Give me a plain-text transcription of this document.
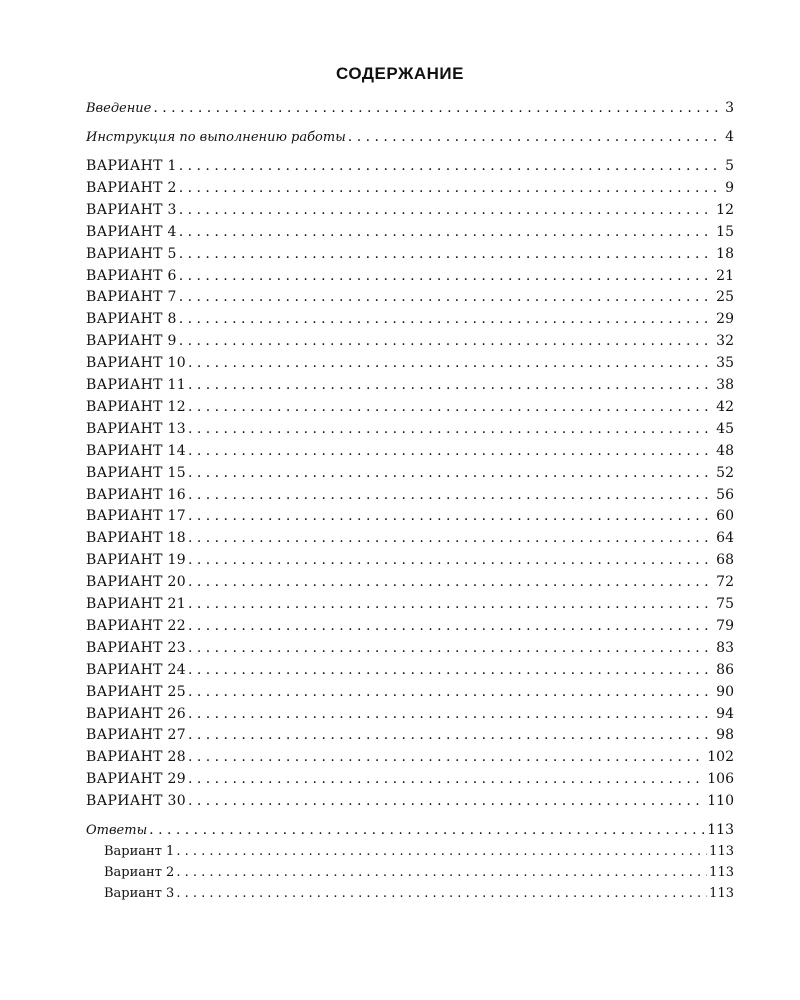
СОДЕРЖАНИЕ
Введение . . .	3
Инструкция по выполнению работы . . .	4
ВАРИАНТ 1 . . .	5
ВАРИАНТ 2 . . .	9
ВАРИАНТ 3 . . .	12
ВАРИАНТ 4 . . .	15
ВАРИАНТ 5 . . .	18
ВАРИАНТ 6 . . .	21
ВАРИАНТ 7 . . .	25
ВАРИАНТ 8 . . .	29
ВАРИАНТ 9 . . .	32
ВАРИАНТ 10 . . .	35
ВАРИАНТ 11 . . .	38
ВАРИАНТ 12 . . .	42
ВАРИАНТ 13 . . .	45
ВАРИАНТ 14 . . .	48
ВАРИАНТ 15 . . .	52
ВАРИАНТ 16 . . .	56
ВАРИАНТ 17 . . .	60
ВАРИАНТ 18 . . .	64
ВАРИАНТ 19 . . .	68
ВАРИАНТ 20 . . .	72
ВАРИАНТ 21 . . .	75
ВАРИАНТ 22 . . .	79
ВАРИАНТ 23 . . .	83
ВАРИАНТ 24 . . .	86
ВАРИАНТ 25 . . .	90
ВАРИАНТ 26 . . .	94
ВАРИАНТ 27 . . .	98
ВАРИАНТ 28 . . .	102
ВАРИАНТ 29 . . .	106
ВАРИАНТ 30 . . .	110
Ответы . . .	113
Вариант 1 . . .	113
Вариант 2 . . .	113
Вариант 3 . . .	113
